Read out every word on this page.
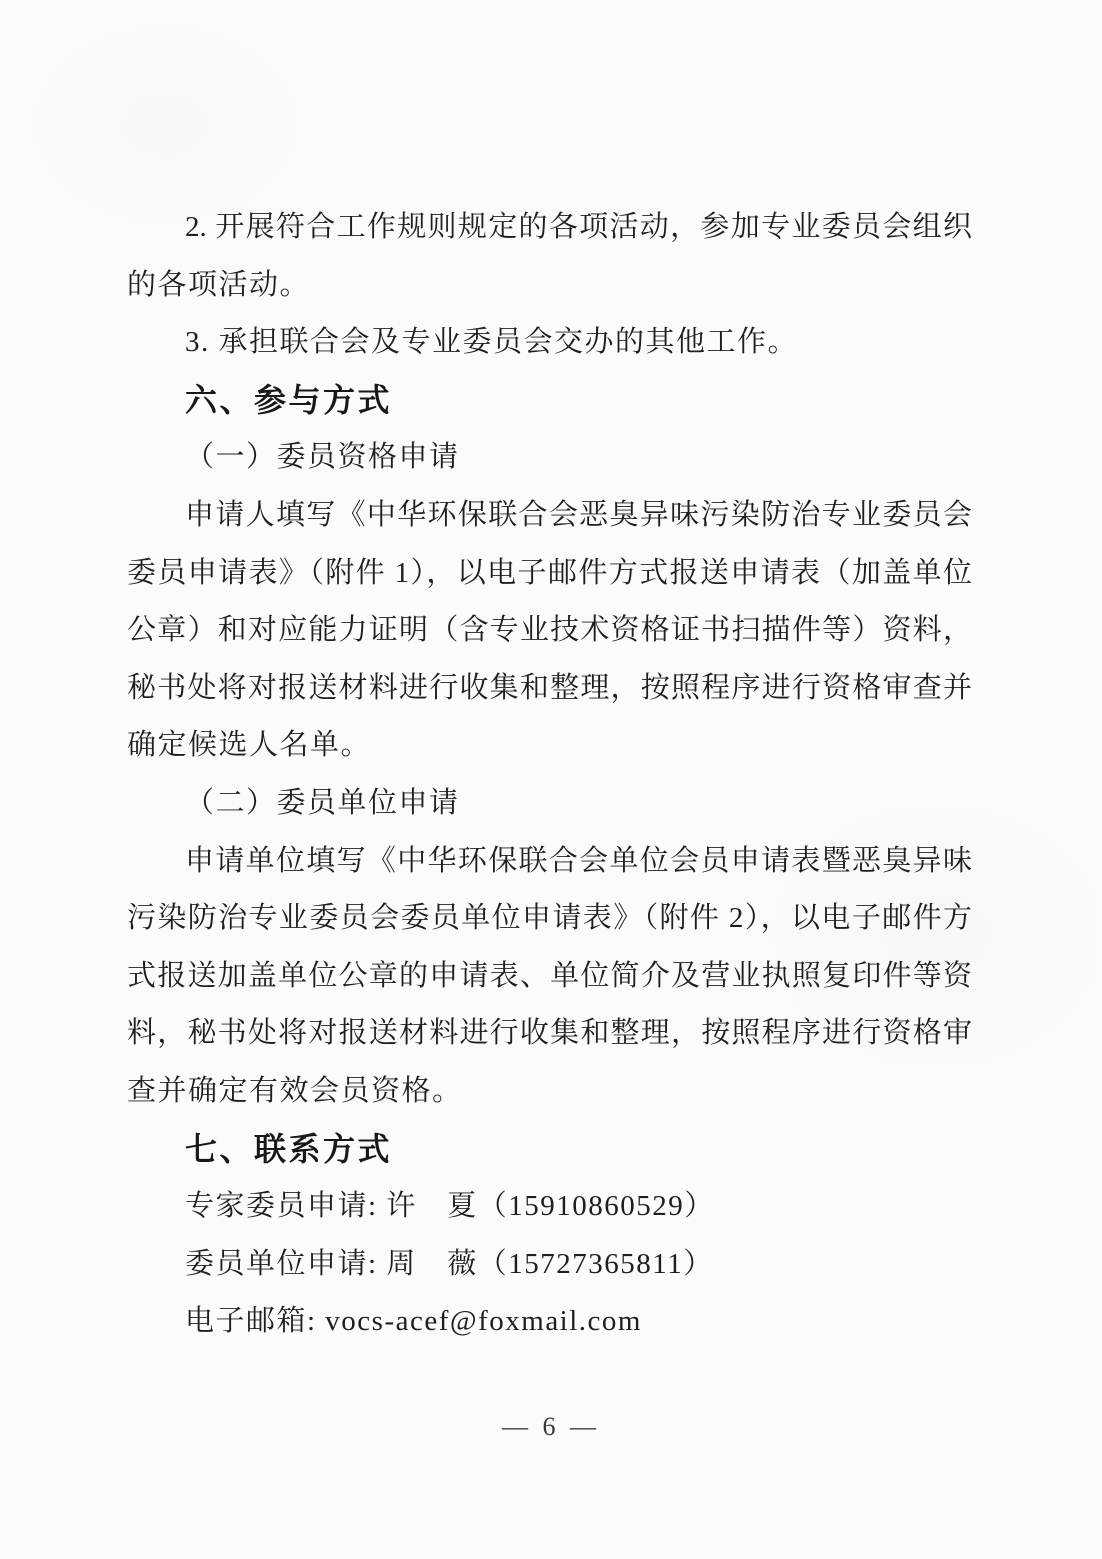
2. 开展符合工作规则规定的各项活动，参加专业委员会组织
的各项活动。
3. 承担联合会及专业委员会交办的其他工作。
六、参与方式
（一）委员资格申请
申请人填写《中华环保联合会恶臭异味污染防治专业委员会
委员申请表》（附件 1），以电子邮件方式报送申请表（加盖单位
公章）和对应能力证明（含专业技术资格证书扫描件等）资料，
秘书处将对报送材料进行收集和整理，按照程序进行资格审查并
确定候选人名单。
（二）委员单位申请
申请单位填写《中华环保联合会单位会员申请表暨恶臭异味
污染防治专业委员会委员单位申请表》（附件 2），以电子邮件方
式报送加盖单位公章的申请表、单位简介及营业执照复印件等资
料，秘书处将对报送材料进行收集和整理，按照程序进行资格审
查并确定有效会员资格。
七、联系方式
专家委员申请: 许　夏（15910860529）
委员单位申请: 周　薇（15727365811）
电子邮箱: vocs-acef@foxmail.com
— 6 —
